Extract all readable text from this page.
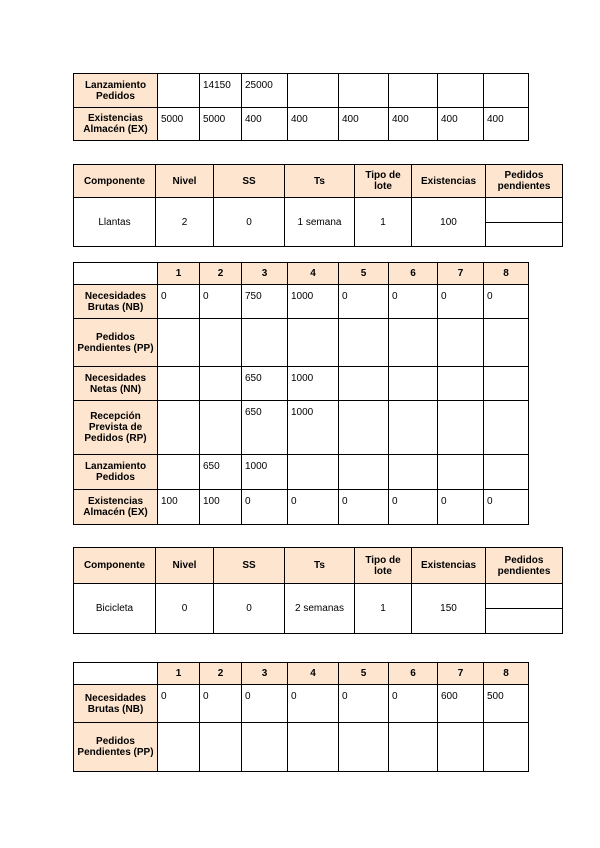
Lanzamiento Pedidos		14150	25000					
Existencias Almacén (EX)	5000	5000	400	400	400	400	400	400
Componente	Nivel	SS	Ts	Tipo de lote	Existencias	Pedidos pendientes
Llantas	2	0	1 semana	1	100	
	1	2	3	4	5	6	7	8
Necesidades Brutas (NB)	0	0	750	1000	0	0	0	0
Pedidos Pendientes (PP)								
Necesidades Netas (NN)			650	1000				
Recepción Prevista de Pedidos (RP)			650	1000				
Lanzamiento Pedidos		650	1000					
Existencias Almacén (EX)	100	100	0	0	0	0	0	0
Componente	Nivel	SS	Ts	Tipo de lote	Existencias	Pedidos pendientes
Bicicleta	0	0	2 semanas	1	150	
	1	2	3	4	5	6	7	8
Necesidades Brutas (NB)	0	0	0	0	0	0	600	500
Pedidos Pendientes (PP)								
